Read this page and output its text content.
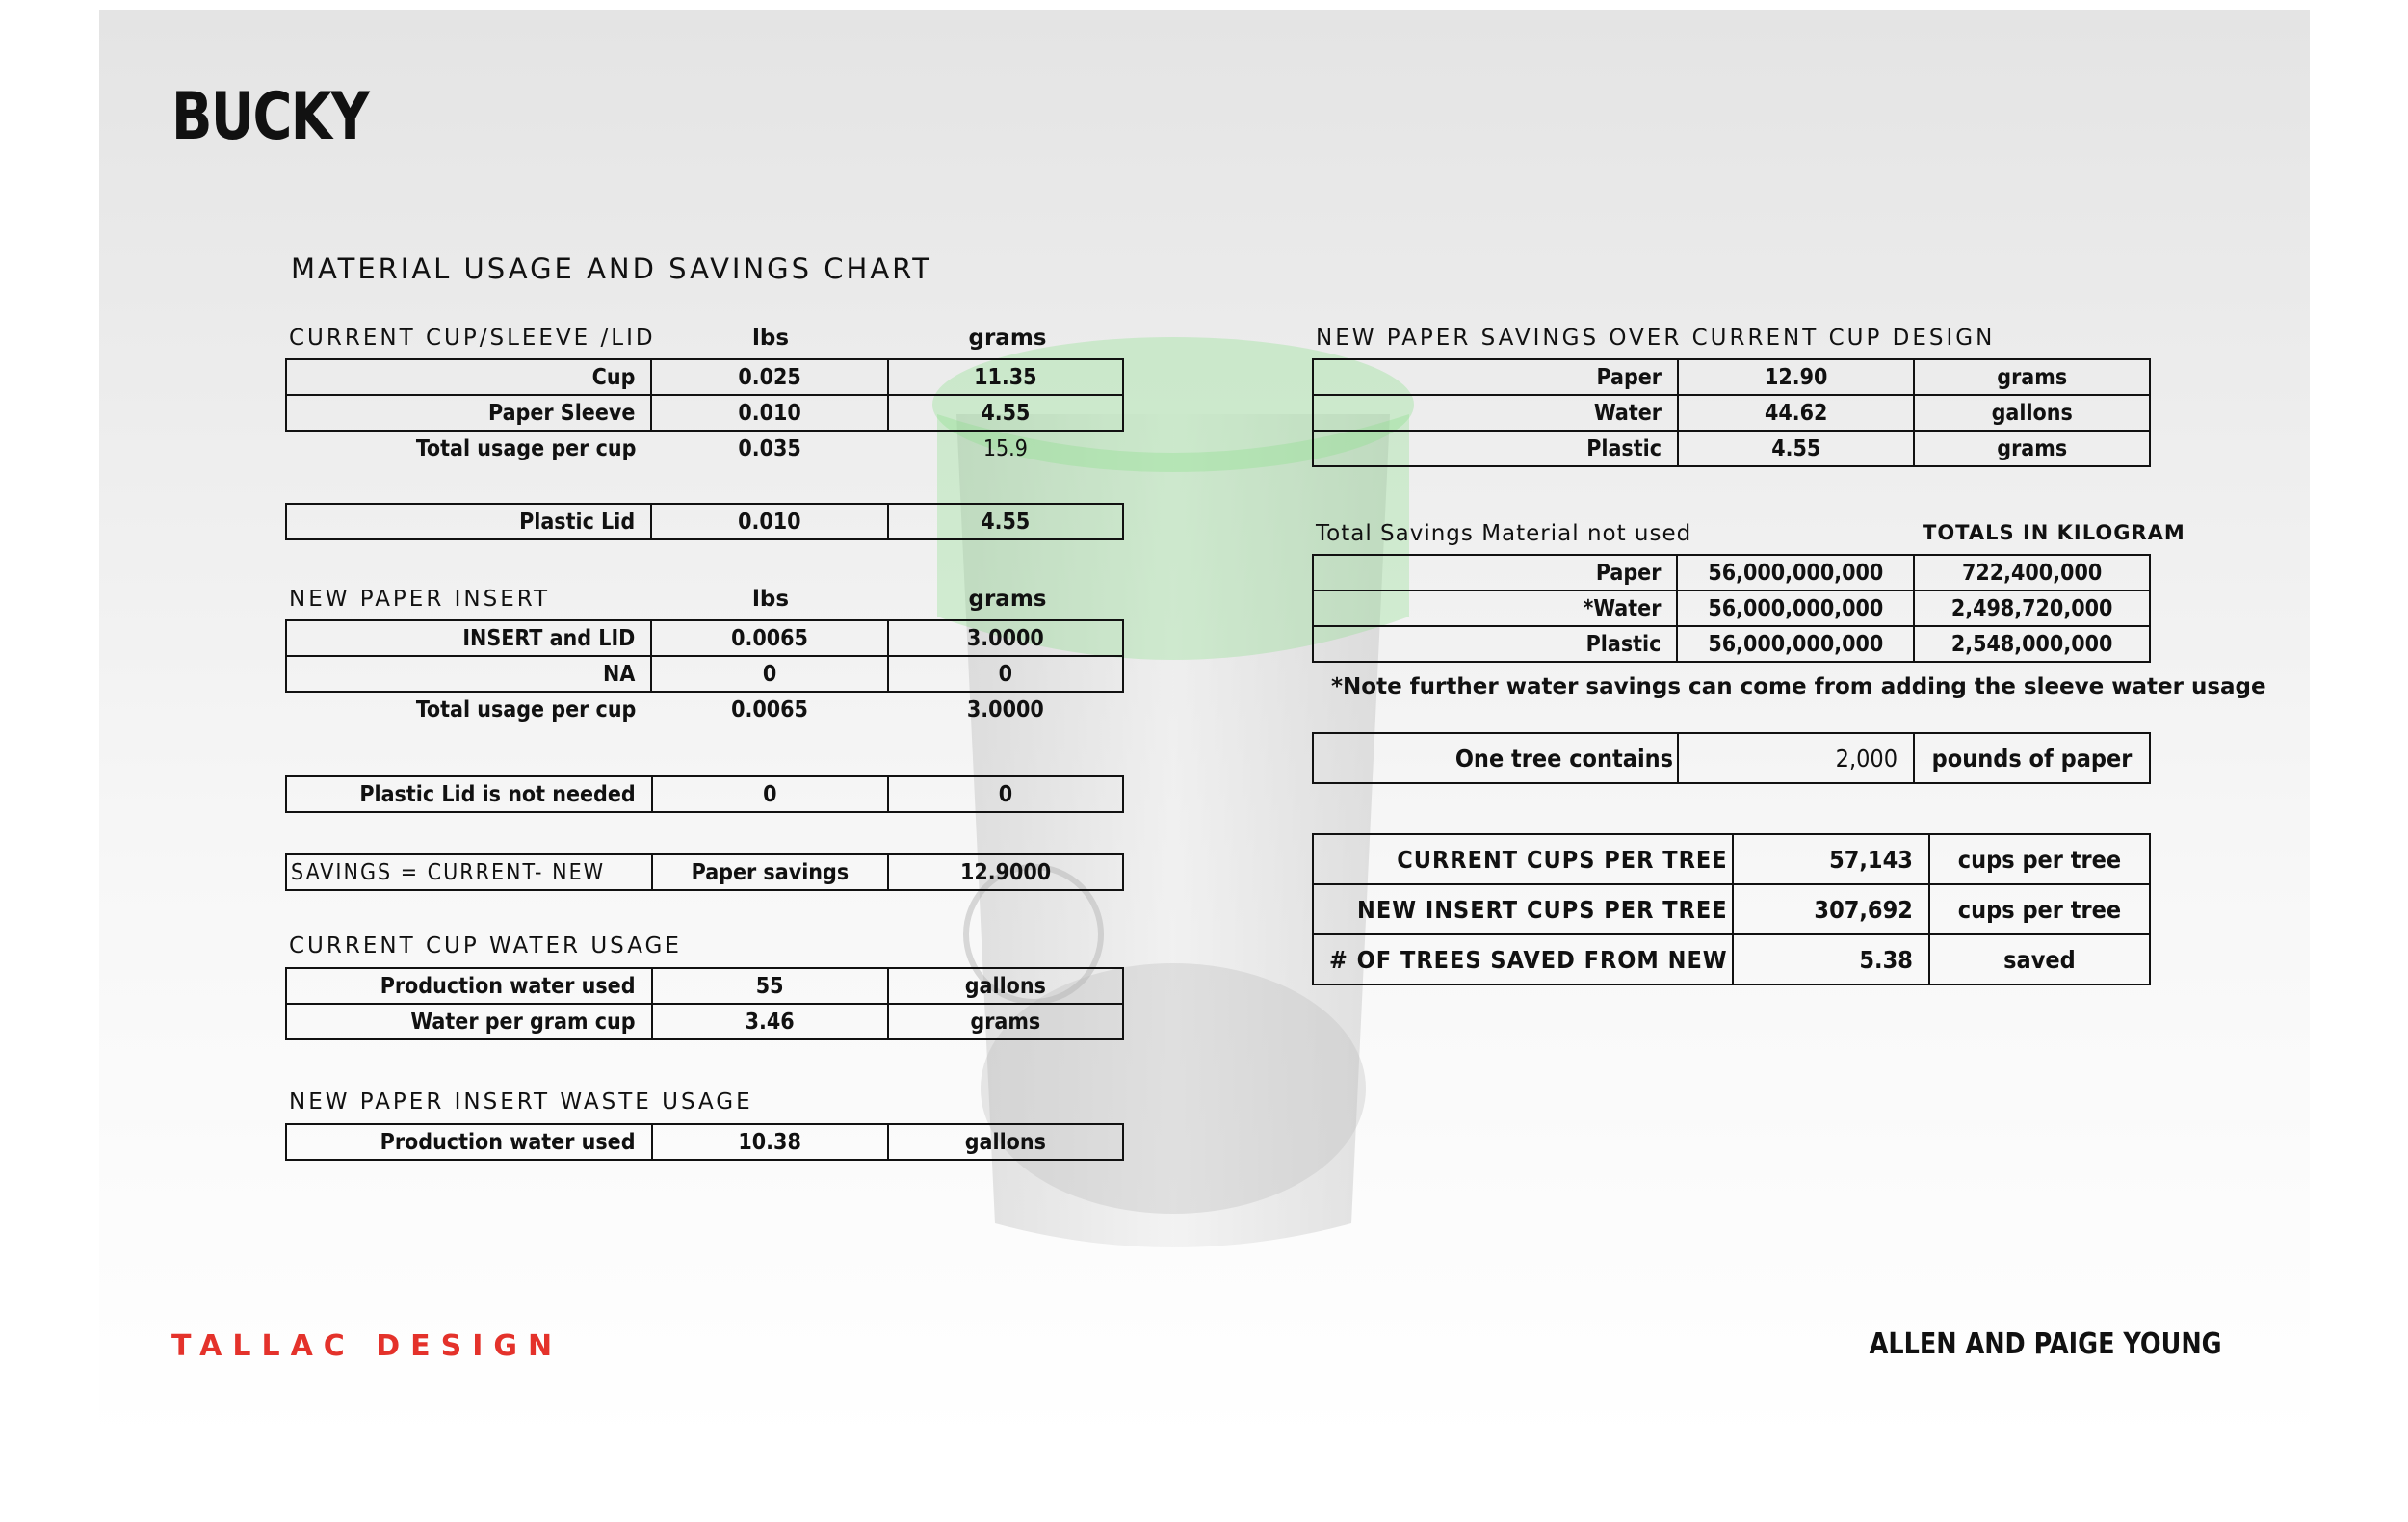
BUCKY
MATERIAL USAGE AND SAVINGS CHART
CURRENT CUP/SLEEVE /LID	lbs	grams
Cup	0.025	11.35
Paper Sleeve	0.010	4.55
Total usage per cup	0.035	15.9
Plastic Lid	0.010	4.55
NEW PAPER INSERT	lbs	grams
INSERT and LID	0.0065	3.0000
NA	0	0
Total usage per cup	0.0065	3.0000
Plastic Lid is not needed	0	0
SAVINGS = CURRENT- NEW	Paper savings	12.9000
CURRENT CUP WATER USAGE
Production water used	55	gallons
Water per gram cup	3.46	grams
NEW PAPER INSERT WASTE USAGE
Production water used	10.38	gallons
NEW PAPER SAVINGS OVER CURRENT CUP DESIGN
Paper	12.90	grams
Water	44.62	gallons
Plastic	4.55	grams
Total Savings Material not used	TOTALS IN KILOGRAM
Paper	56,000,000,000	722,400,000
*Water	56,000,000,000	2,498,720,000
Plastic	56,000,000,000	2,548,000,000
*Note further water savings can come from adding the sleeve water usage
One tree contains	2,000	pounds of paper
CURRENT CUPS PER TREE	57,143	cups per tree
NEW INSERT CUPS PER TREE	307,692	cups per tree
# OF TREES SAVED FROM NEW	5.38	saved
TALLAC DESIGN	ALLEN AND PAIGE YOUNG
